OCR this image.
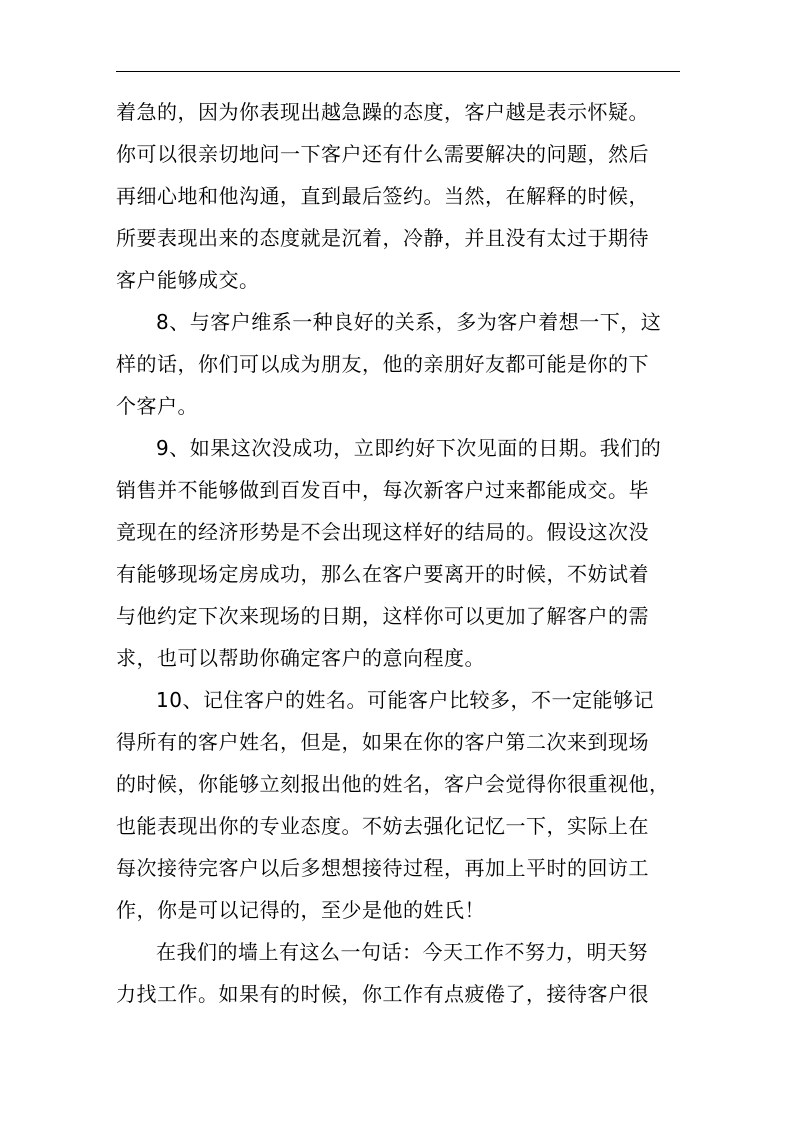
着急的，因为你表现出越急躁的态度，客户越是表示怀疑。
你可以很亲切地问一下客户还有什么需要解决的问题，然后
再细心地和他沟通，直到最后签约。当然，在解释的时候，
所要表现出来的态度就是沉着，冷静，并且没有太过于期待
客户能够成交。
8、与客户维系一种良好的关系，多为客户着想一下，这
样的话，你们可以成为朋友，他的亲朋好友都可能是你的下
个客户。
9、如果这次没成功，立即约好下次见面的日期。我们的
销售并不能够做到百发百中，每次新客户过来都能成交。毕
竟现在的经济形势是不会出现这样好的结局的。假设这次没
有能够现场定房成功，那么在客户要离开的时候，不妨试着
与他约定下次来现场的日期，这样你可以更加了解客户的需
求，也可以帮助你确定客户的意向程度。
10、记住客户的姓名。可能客户比较多，不一定能够记
得所有的客户姓名，但是，如果在你的客户第二次来到现场
的时候，你能够立刻报出他的姓名，客户会觉得你很重视他，
也能表现出你的专业态度。不妨去强化记忆一下，实际上在
每次接待完客户以后多想想接待过程，再加上平时的回访工
作，你是可以记得的，至少是他的姓氏！
在我们的墙上有这么一句话：今天工作不努力，明天努
力找工作。如果有的时候，你工作有点疲倦了，接待客户很
